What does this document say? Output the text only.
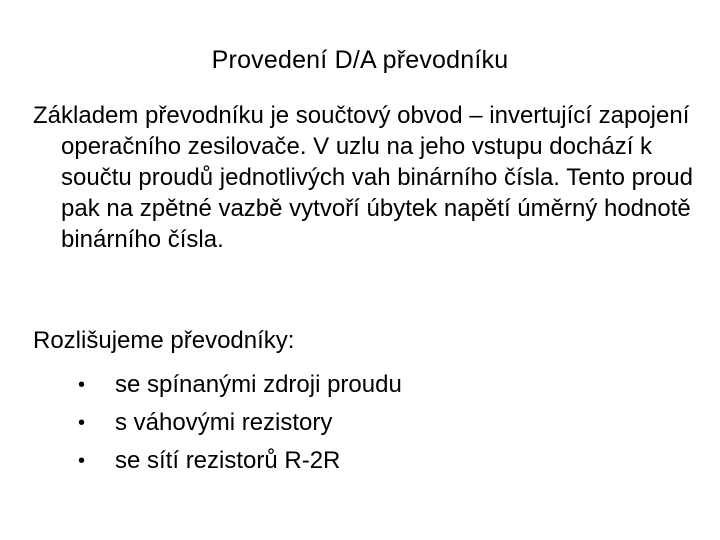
Provedení D/A převodníku

Základem převodníku je součtový obvod – invertující zapojení operačního zesilovače. V uzlu na jeho vstupu dochází k součtu proudů jednotlivých vah binárního čísla. Tento proud pak na zpětné vazbě vytvoří úbytek napětí úměrný hodnotě binárního čísla.

Rozlišujeme převodníky:

• se spínanými zdroji proudu
• s váhovými rezistory
• se sítí rezistorů R-2R
